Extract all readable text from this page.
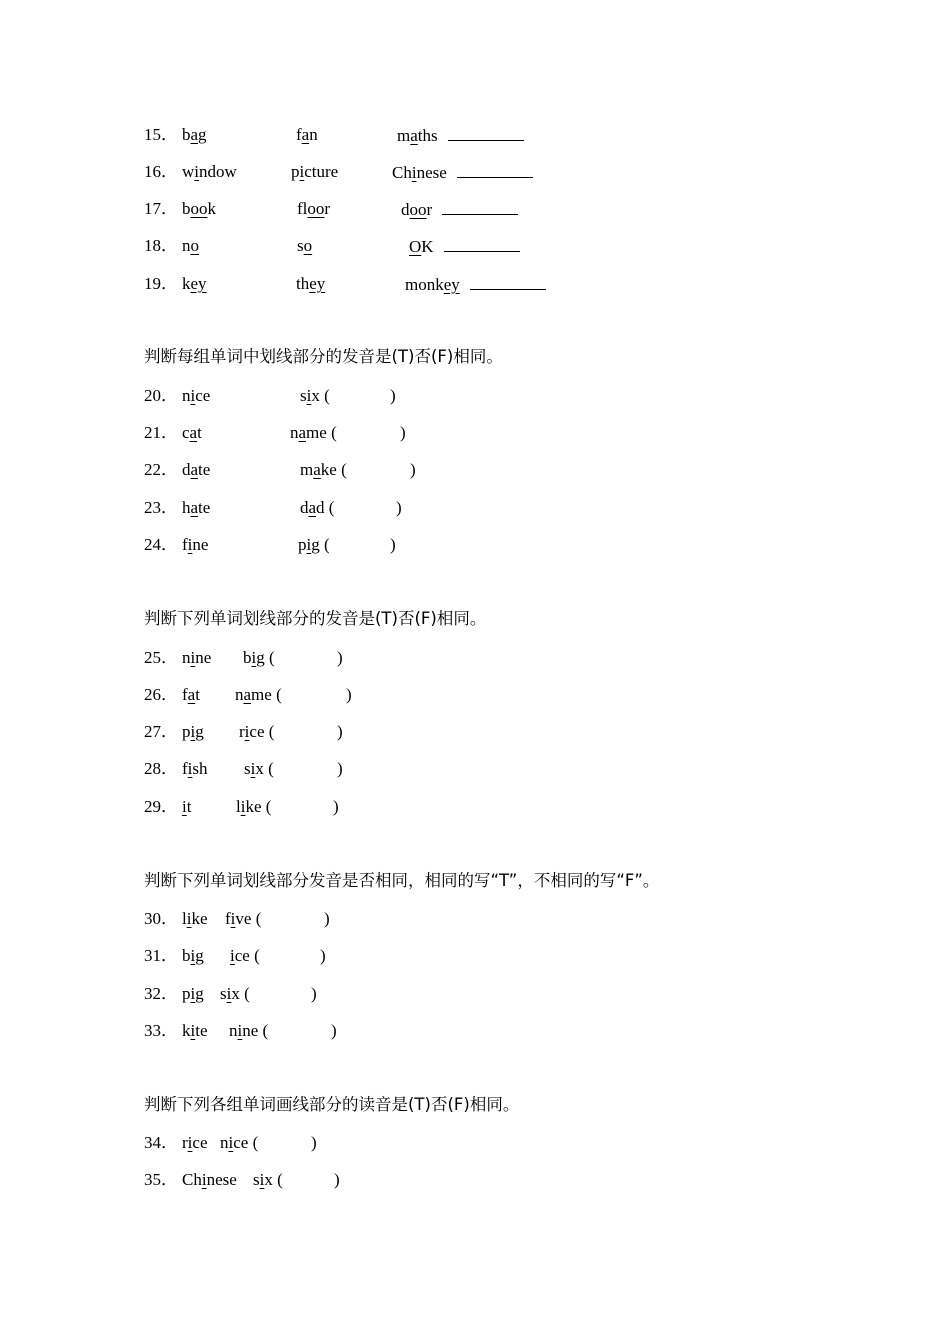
15． bag	fan	maths
16． window	picture	Chinese
17． book	floor	door
18． no	so	OK
19． key	they	monkey
判断每组单词中划线部分的发音是(T)否(F)相同。
20． nice	six (	)
21． cat	name (	)
22． date	make (	)
23． hate	dad (	)
24． fine	pig (	)
判断下列单词划线部分的发音是(T)否(F)相同。
25． nine big (	)
26． fat name (	)
27． pig rice (	)
28． fish six (	)
29． it	like (	)
判断下列单词划线部分发音是否相同，相同的写“T”，不相同的写“F”。
30． like five (	)
31． big ice (	)
32． pig six (	)
33． kite nine (	)
判断下列各组单词画线部分的读音是(T)否(F)相同。
34． rice nice (	)
35． Chinese six (	)
